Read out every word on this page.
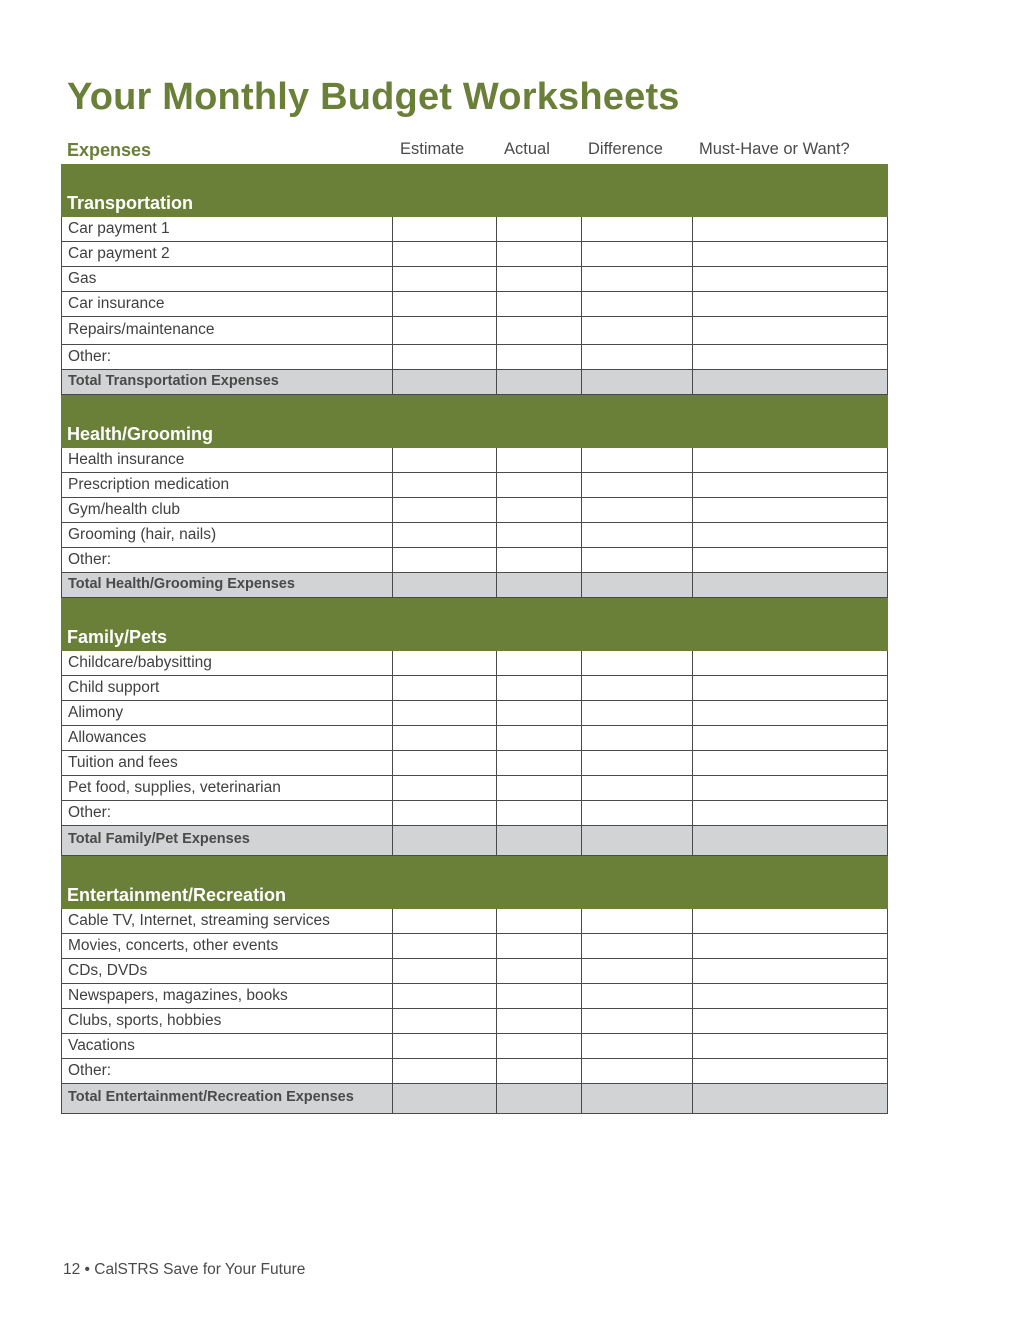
Your Monthly Budget Worksheets
Expenses	Estimate Actual Difference Must-Have or Want?
Transportation
Car payment 1
Car payment 2
Gas
Car insurance
Repairs/maintenance
Other:
Total Transportation Expenses
Health/Grooming
Health insurance
Prescription medication
Gym/health club
Grooming (hair, nails)
Other:
Total Health/Grooming Expenses
Family/Pets
Childcare/babysitting
Child support
Alimony
Allowances
Tuition and fees
Pet food, supplies, veterinarian
Other:
Total Family/Pet Expenses
Entertainment/Recreation
Cable TV, Internet, streaming services
Movies, concerts, other events
CDs, DVDs
Newspapers, magazines, books
Clubs, sports, hobbies
Vacations
Other:
Total Entertainment/Recreation Expenses
12 • CalSTRS Save for Your Future
